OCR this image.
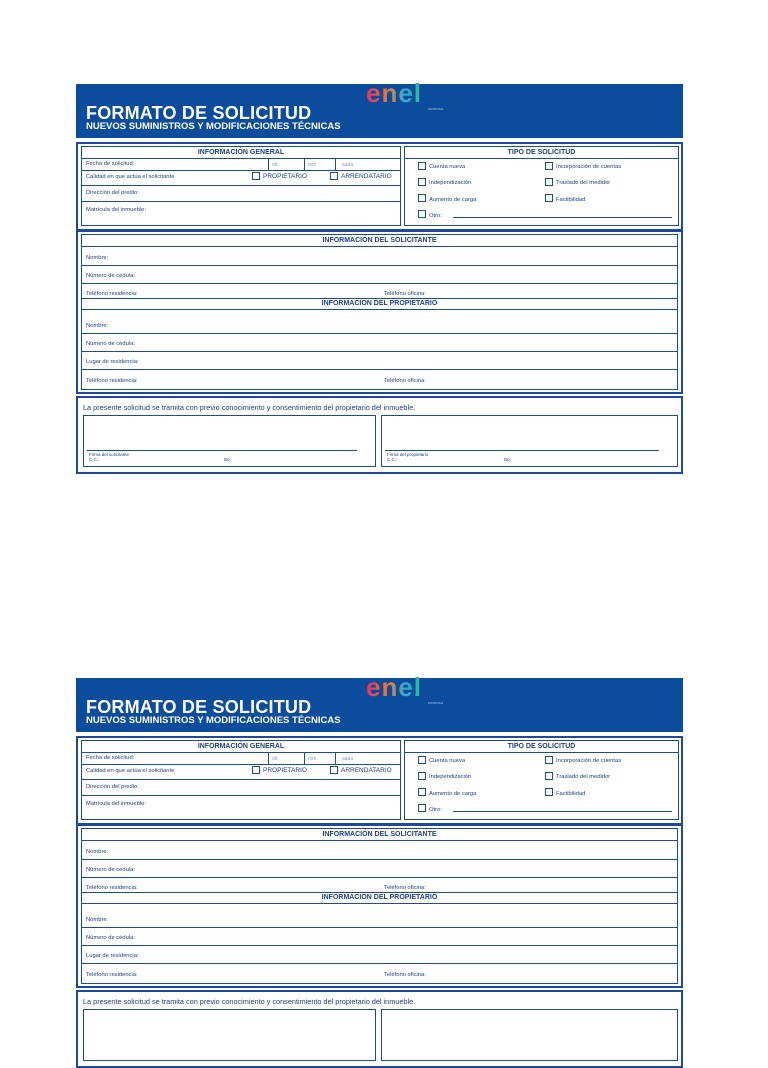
FORMATO DE SOLICITUD
NUEVOS SUMINISTROS Y MODIFICACIONES TÉCNICAS
enel
codensa
INFORMACIÓN GENERAL
Fecha de solicitud:	dd	mm	aaaa
Calidad en que actúa el solicitante	PROPIETARIO	ARRENDATARIO
Dirección del predio:
Matrícula del inmueble:
TIPO DE SOLICITUD
Cuenta nueva	Incorporación de cuentas
Independización	Traslado del medidor
Aumento de carga	Factibilidad
Otro:
INFORMACIÓN DEL SOLICITANTE
Nombre:
Número de cédula:
Teléfono residencia:	Teléfono oficina:
INFORMACIÓN DEL PROPIETARIO
Nombre:
Número de cédula:
Lugar de residencia:
Teléfono residencia:	Teléfono oficina:
La presente solicitud se tramita con previo conocimiento y consentimiento del propietario del inmueble.
Firma del solicitante
C.C.:	De:
Firma del propietario
C.C.:	De:
FORMATO DE SOLICITUD
NUEVOS SUMINISTROS Y MODIFICACIONES TÉCNICAS
enel
codensa
INFORMACIÓN GENERAL
Fecha de solicitud:	dd	mm	aaaa
Calidad en que actúa el solicitante	PROPIETARIO	ARRENDATARIO
Dirección del predio:
Matrícula del inmueble:
TIPO DE SOLICITUD
Cuenta nueva	Incorporación de cuentas
Independización	Traslado del medidor
Aumento de carga	Factibilidad
Otro:
INFORMACIÓN DEL SOLICITANTE
Nombre:
Número de cédula:
Teléfono residencia:	Teléfono oficina:
INFORMACIÓN DEL PROPIETARIO
Nombre:
Número de cédula:
Lugar de residencia:
Teléfono residencia:	Teléfono oficina:
La presente solicitud se tramita con previo conocimiento y consentimiento del propietario del inmueble.
